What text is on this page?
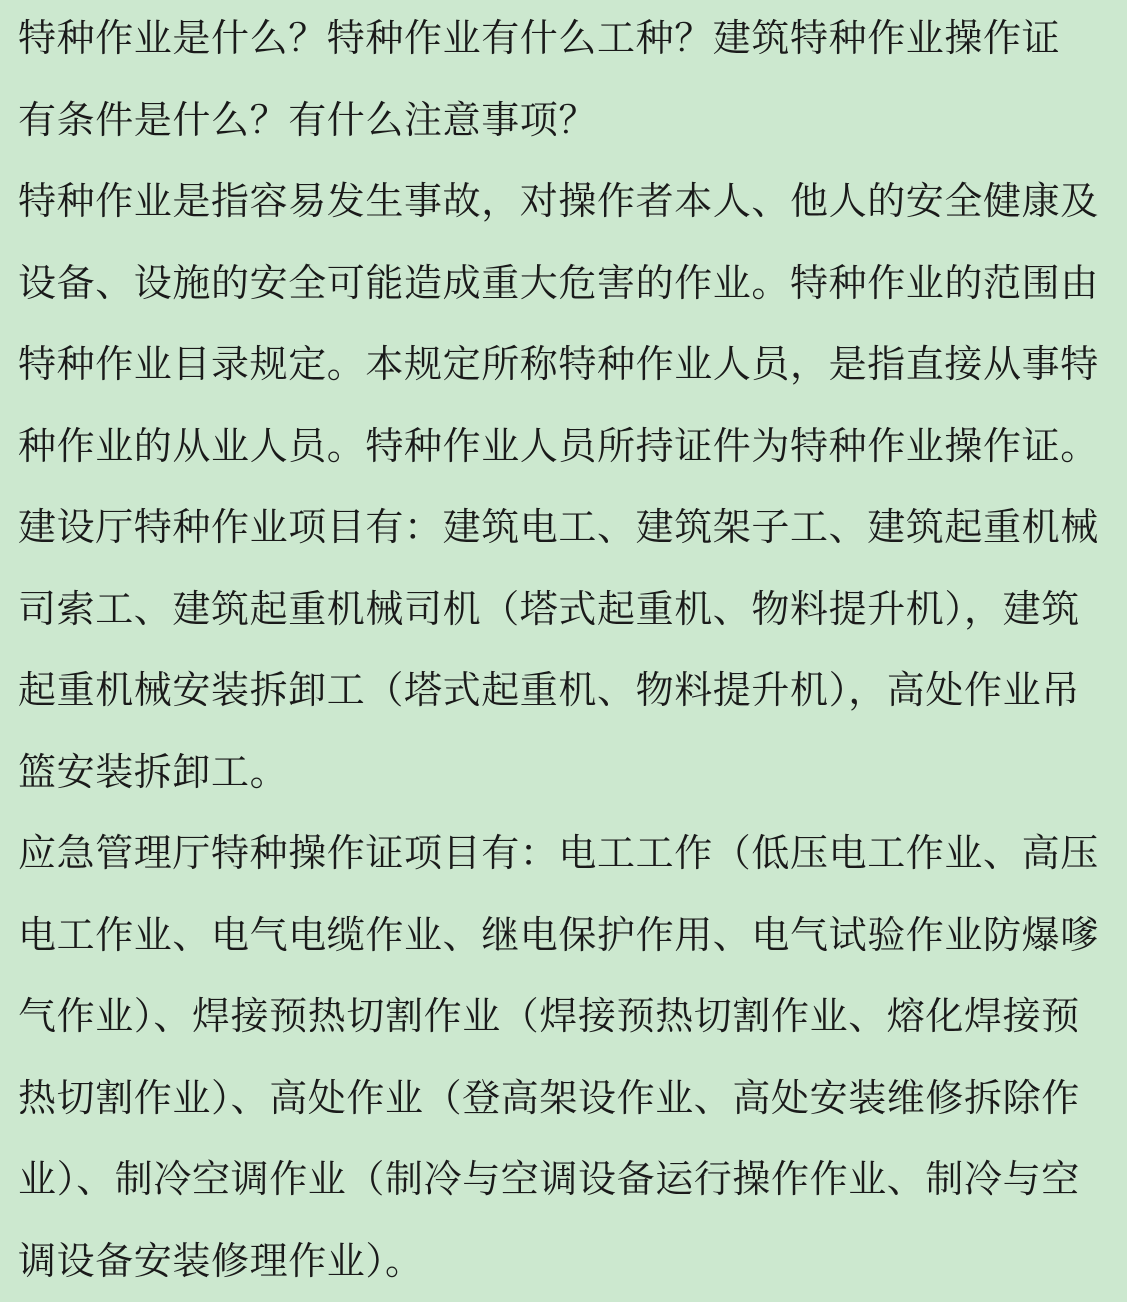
特种作业是什么？特种作业有什么工种？建筑特种作业操作证
有条件是什么？有什么注意事项？
特种作业是指容易发生事故，对操作者本人、他人的安全健康及
设备、设施的安全可能造成重大危害的作业。特种作业的范围由
特种作业目录规定。本规定所称特种作业人员，是指直接从事特
种作业的从业人员。特种作业人员所持证件为特种作业操作证。
建设厅特种作业项目有：建筑电工、建筑架子工、建筑起重机械
司索工、建筑起重机械司机（塔式起重机、物料提升机），建筑
起重机械安装拆卸工（塔式起重机、物料提升机），高处作业吊
篮安装拆卸工。
应急管理厅特种操作证项目有：电工工作（低压电工作业、高压
电工作业、电气电缆作业、继电保护作用、电气试验作业防爆嗲
气作业）、焊接预热切割作业（焊接预热切割作业、熔化焊接预
热切割作业）、高处作业（登高架设作业、高处安装维修拆除作
业）、制冷空调作业（制冷与空调设备运行操作作业、制冷与空
调设备安装修理作业）。
